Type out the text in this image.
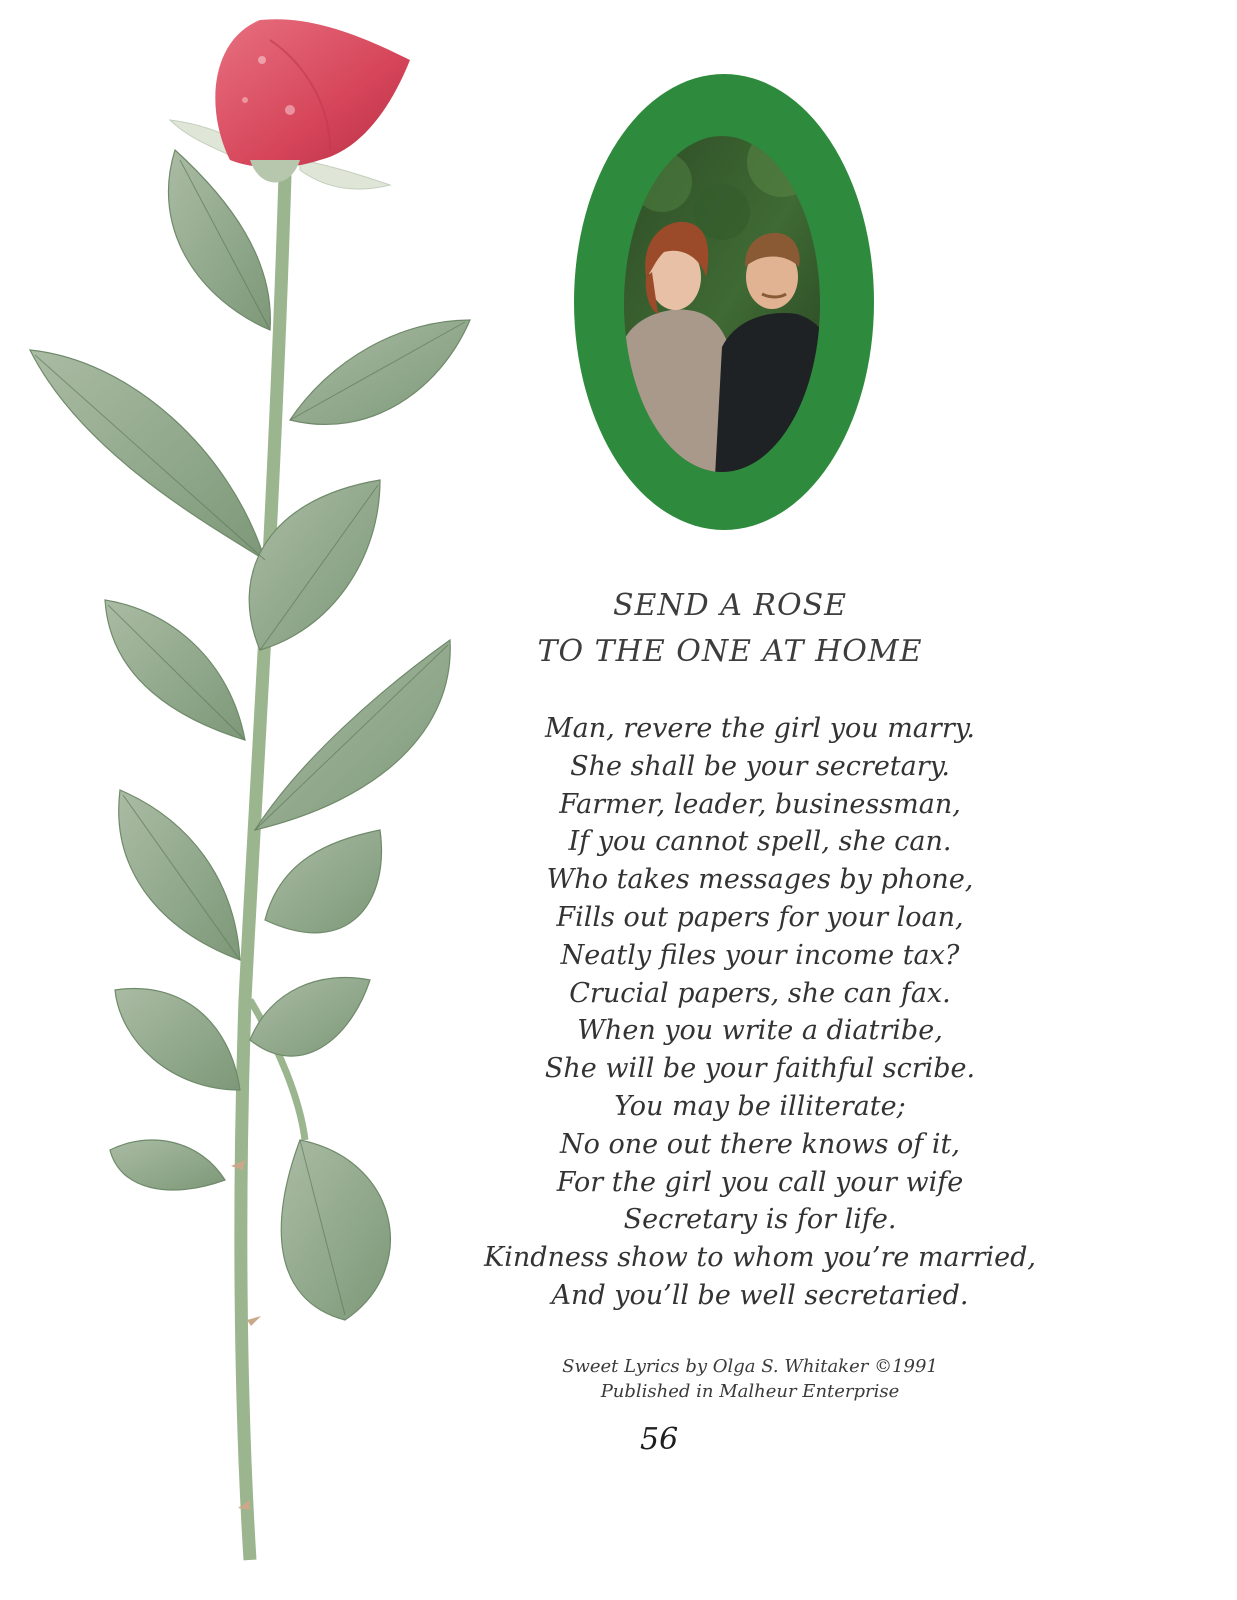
SEND A ROSE
TO THE ONE AT HOME
Man, revere the girl you marry.
She shall be your secretary.
Farmer, leader, businessman,
If you cannot spell, she can.
Who takes messages by phone,
Fills out papers for your loan,
Neatly files your income tax?
Crucial papers, she can fax.
When you write a diatribe,
She will be your faithful scribe.
You may be illiterate;
No one out there knows of it,
For the girl you call your wife
Secretary is for life.
Kindness show to whom you’re married,
And you’ll be well secretaried.

Sweet Lyrics by Olga S. Whitaker ©1991

Published in Malheur Enterprise

56
